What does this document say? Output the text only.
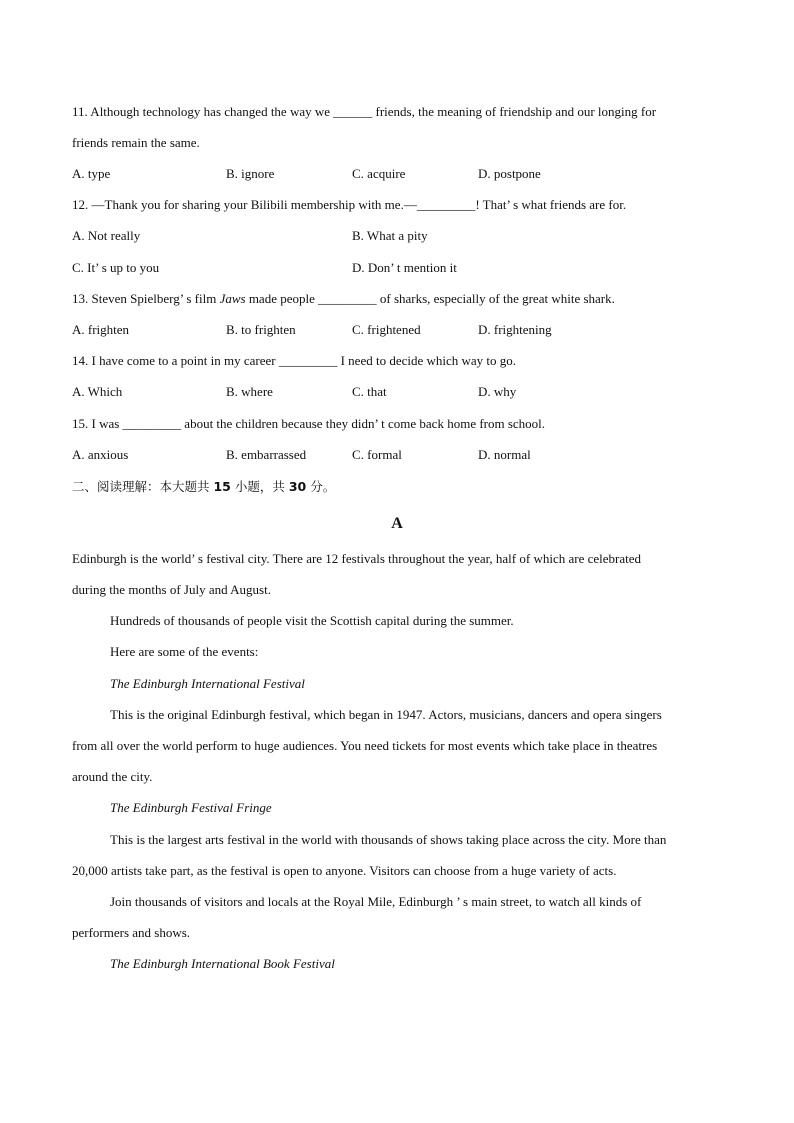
11. Although technology has changed the way we ______ friends, the meaning of friendship and our longing for
friends remain the same.
A. type	B. ignore	C. acquire	D. postpone
12. —Thank you for sharing your Bilibili membership with me.—_________! That’ s what friends are for.
A. Not really	B. What a pity
C. It’ s up to you	D. Don’ t mention it
13. Steven Spielberg’ s film Jaws made people _________ of sharks, especially of the great white shark.
A. frighten	B. to frighten	C. frightened	D. frightening
14. I have come to a point in my career _________ I need to decide which way to go.
A. Which	B. where	C. that	D. why
15. I was _________ about the children because they didn’ t come back home from school.
A. anxious	B. embarrassed	C. formal	D. normal
二、阅读理解：本大题共 15 小题，共 30 分。
A
Edinburgh is the world’ s festival city. There are 12 festivals throughout the year, half of which are celebrated
during the months of July and August.
Hundreds of thousands of people visit the Scottish capital during the summer.
Here are some of the events:
The Edinburgh International Festival
This is the original Edinburgh festival, which began in 1947. Actors, musicians, dancers and opera singers
from all over the world perform to huge audiences. You need tickets for most events which take place in theatres
around the city.
The Edinburgh Festival Fringe
This is the largest arts festival in the world with thousands of shows taking place across the city. More than
20,000 artists take part, as the festival is open to anyone. Visitors can choose from a huge variety of acts.
Join thousands of visitors and locals at the Royal Mile, Edinburgh ’ s main street, to watch all kinds of
performers and shows.
The Edinburgh International Book Festival
